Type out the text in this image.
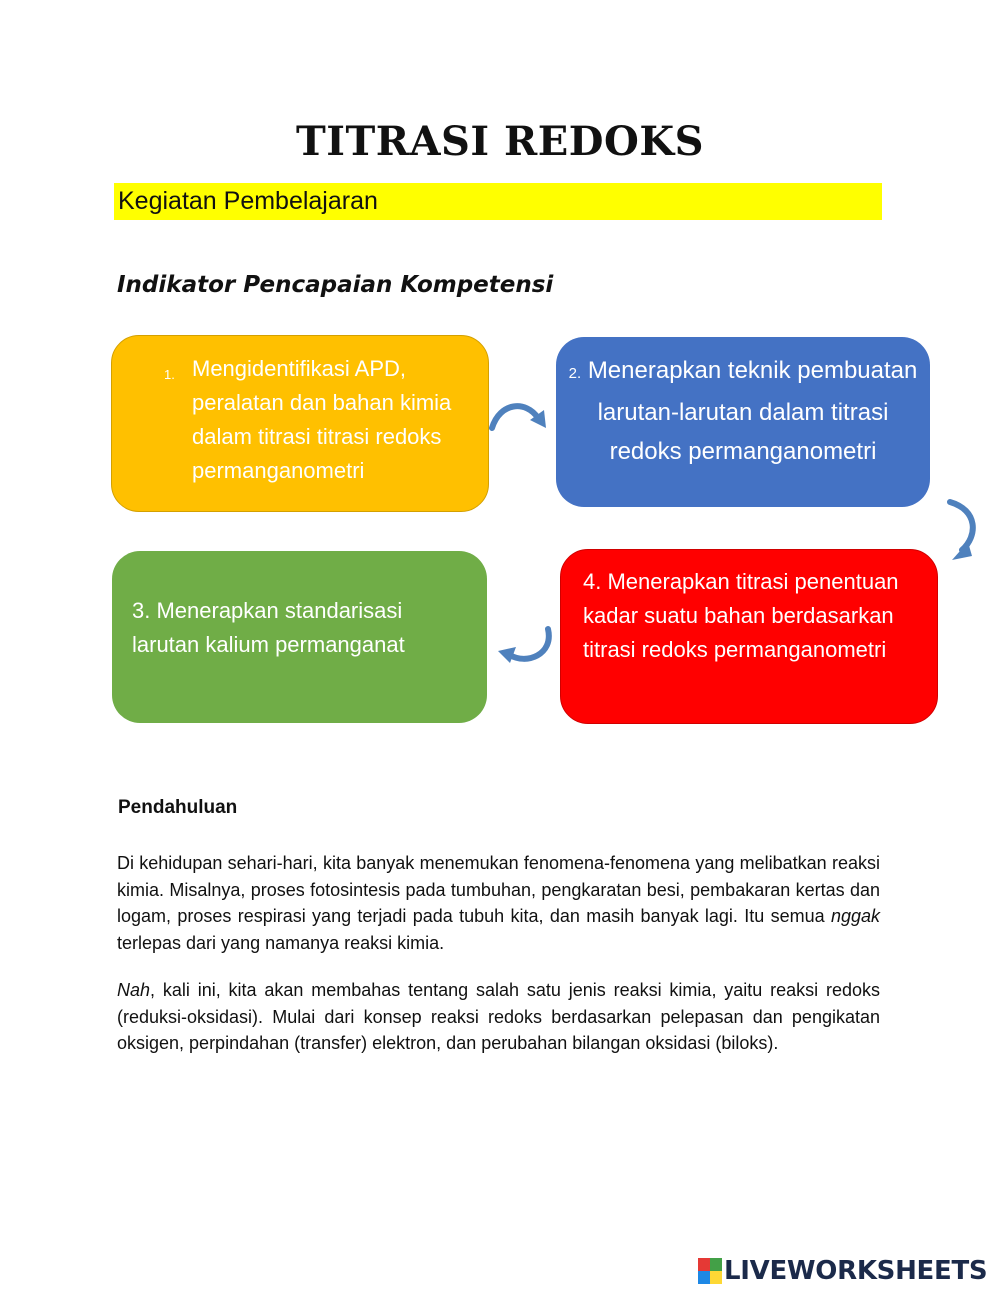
TITRASI REDOKS
Kegiatan Pembelajaran
Indikator Pencapaian Kompetensi
1. Mengidentifikasi APD, peralatan dan bahan kimia dalam titrasi titrasi redoks permanganometri
2. Menerapkan teknik pembuatan larutan-larutan dalam titrasi redoks permanganometri
3. Menerapkan standarisasi larutan kalium permanganat
4. Menerapkan titrasi penentuan kadar suatu bahan berdasarkan titrasi redoks permanganometri
Pendahuluan

Di kehidupan sehari-hari, kita banyak menemukan fenomena-fenomena yang melibatkan reaksi kimia. Misalnya, proses fotosintesis pada tumbuhan, pengkaratan besi, pembakaran kertas dan logam, proses respirasi yang terjadi pada tubuh kita, dan masih banyak lagi. Itu semua nggak terlepas dari yang namanya reaksi kimia.

Nah, kali ini, kita akan membahas tentang salah satu jenis reaksi kimia, yaitu reaksi redoks (reduksi-oksidasi). Mulai dari konsep reaksi redoks berdasarkan pelepasan dan pengikatan oksigen, perpindahan (transfer) elektron, dan perubahan bilangan oksidasi (biloks).

LIVEWORKSHEETS
